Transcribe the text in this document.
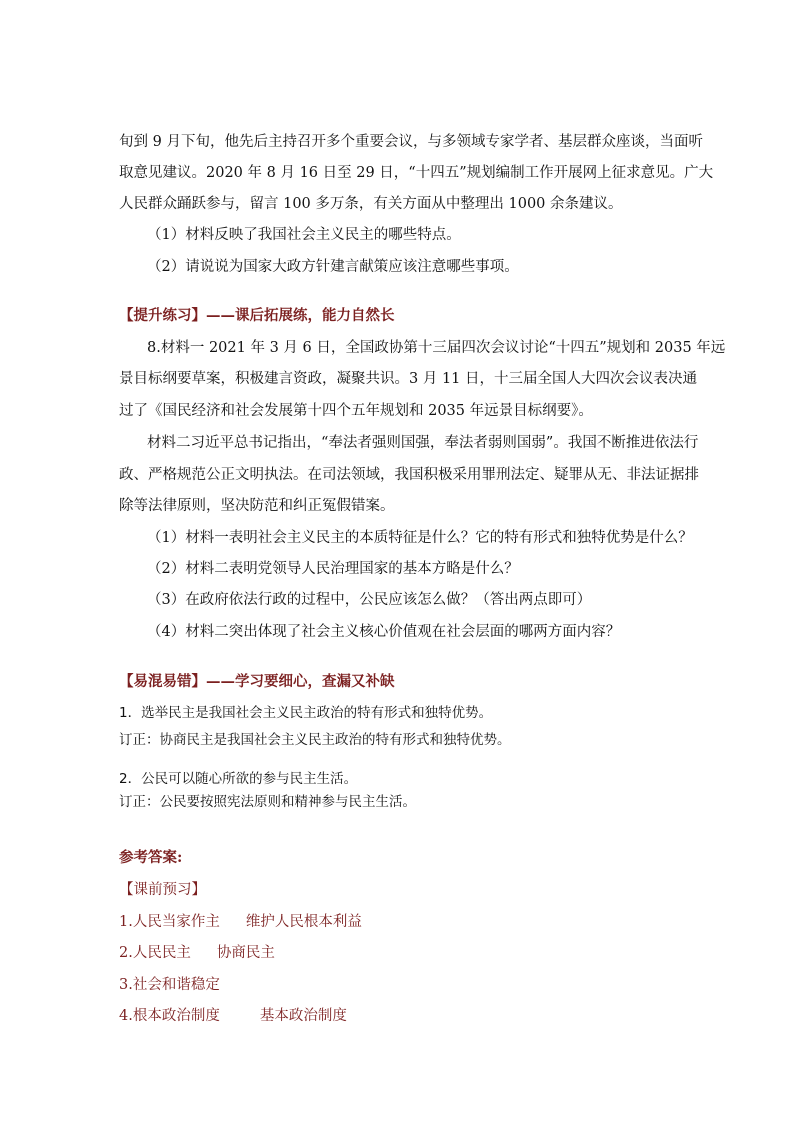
旬到 9 月下旬，他先后主持召开多个重要会议，与多领域专家学者、基层群众座谈，当面听
取意见建议。2020 年 8 月 16 日至 29 日，“十四五”规划编制工作开展网上征求意见。广大
人民群众踊跃参与，留言 100 多万条，有关方面从中整理出 1000 余条建议。
（1）材料反映了我国社会主义民主的哪些特点。
（2）请说说为国家大政方针建言献策应该注意哪些事项。
【提升练习】——课后拓展练，能力自然长
8.材料一 2021 年 3 月 6 日，全国政协第十三届四次会议讨论“十四五”规划和 2035 年远
景目标纲要草案，积极建言资政，凝聚共识。3 月 11 日，十三届全国人大四次会议表决通
过了《国民经济和社会发展第十四个五年规划和 2035 年远景目标纲要》。
材料二习近平总书记指出，“奉法者强则国强，奉法者弱则国弱”。我国不断推进依法行
政、严格规范公正文明执法。在司法领域，我国积极采用罪刑法定、疑罪从无、非法证据排
除等法律原则，坚决防范和纠正冤假错案。
（1）材料一表明社会主义民主的本质特征是什么？它的特有形式和独特优势是什么？
（2）材料二表明党领导人民治理国家的基本方略是什么？
（3）在政府依法行政的过程中，公民应该怎么做？（答出两点即可）
（4）材料二突出体现了社会主义核心价值观在社会层面的哪两方面内容？
【易混易错】——学习要细心，查漏又补缺
1．选举民主是我国社会主义民主政治的特有形式和独特优势。
订正：协商民主是我国社会主义民主政治的特有形式和独特优势。
2．公民可以随心所欲的参与民主生活。
订正：公民要按照宪法原则和精神参与民主生活。
参考答案:
【课前预习】
1.人民当家作主 维护人民根本利益
2.人民民主 协商民主
3.社会和谐稳定
4.根本政治制度	基本政治制度
